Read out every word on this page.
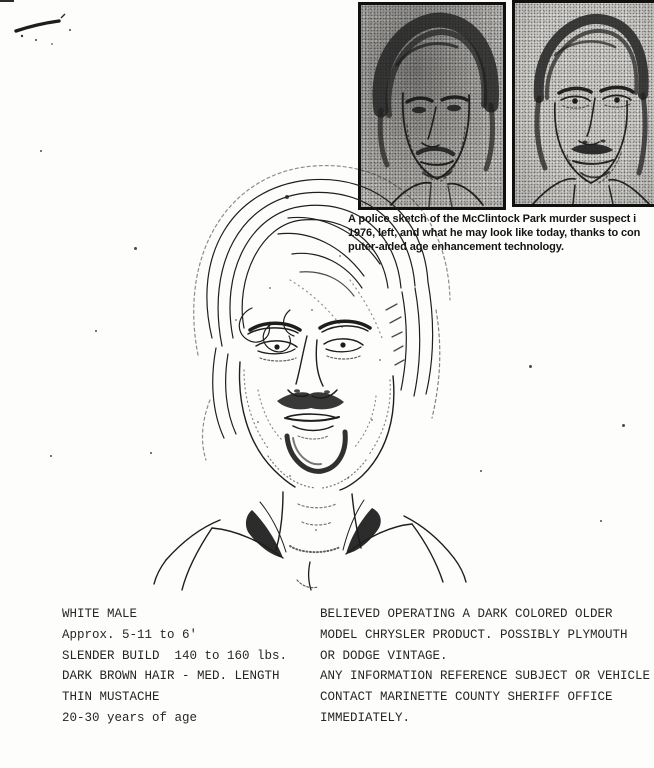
A police sketch of the McClintock Park murder suspect i
1976, left, and what he may look like today, thanks to con
puter-aided age enhancement technology.
WHITE MALE
Approx. 5-11 to 6'
SLENDER BUILD  140 to 160 lbs.
DARK BROWN HAIR - MED. LENGTH
THIN MUSTACHE
20-30 years of age
BELIEVED OPERATING A DARK COLORED OLDER
MODEL CHRYSLER PRODUCT. POSSIBLY PLYMOUTH
OR DODGE VINTAGE.
ANY INFORMATION REFERENCE SUBJECT OR VEHICLE
CONTACT MARINETTE COUNTY SHERIFF OFFICE
IMMEDIATELY.
